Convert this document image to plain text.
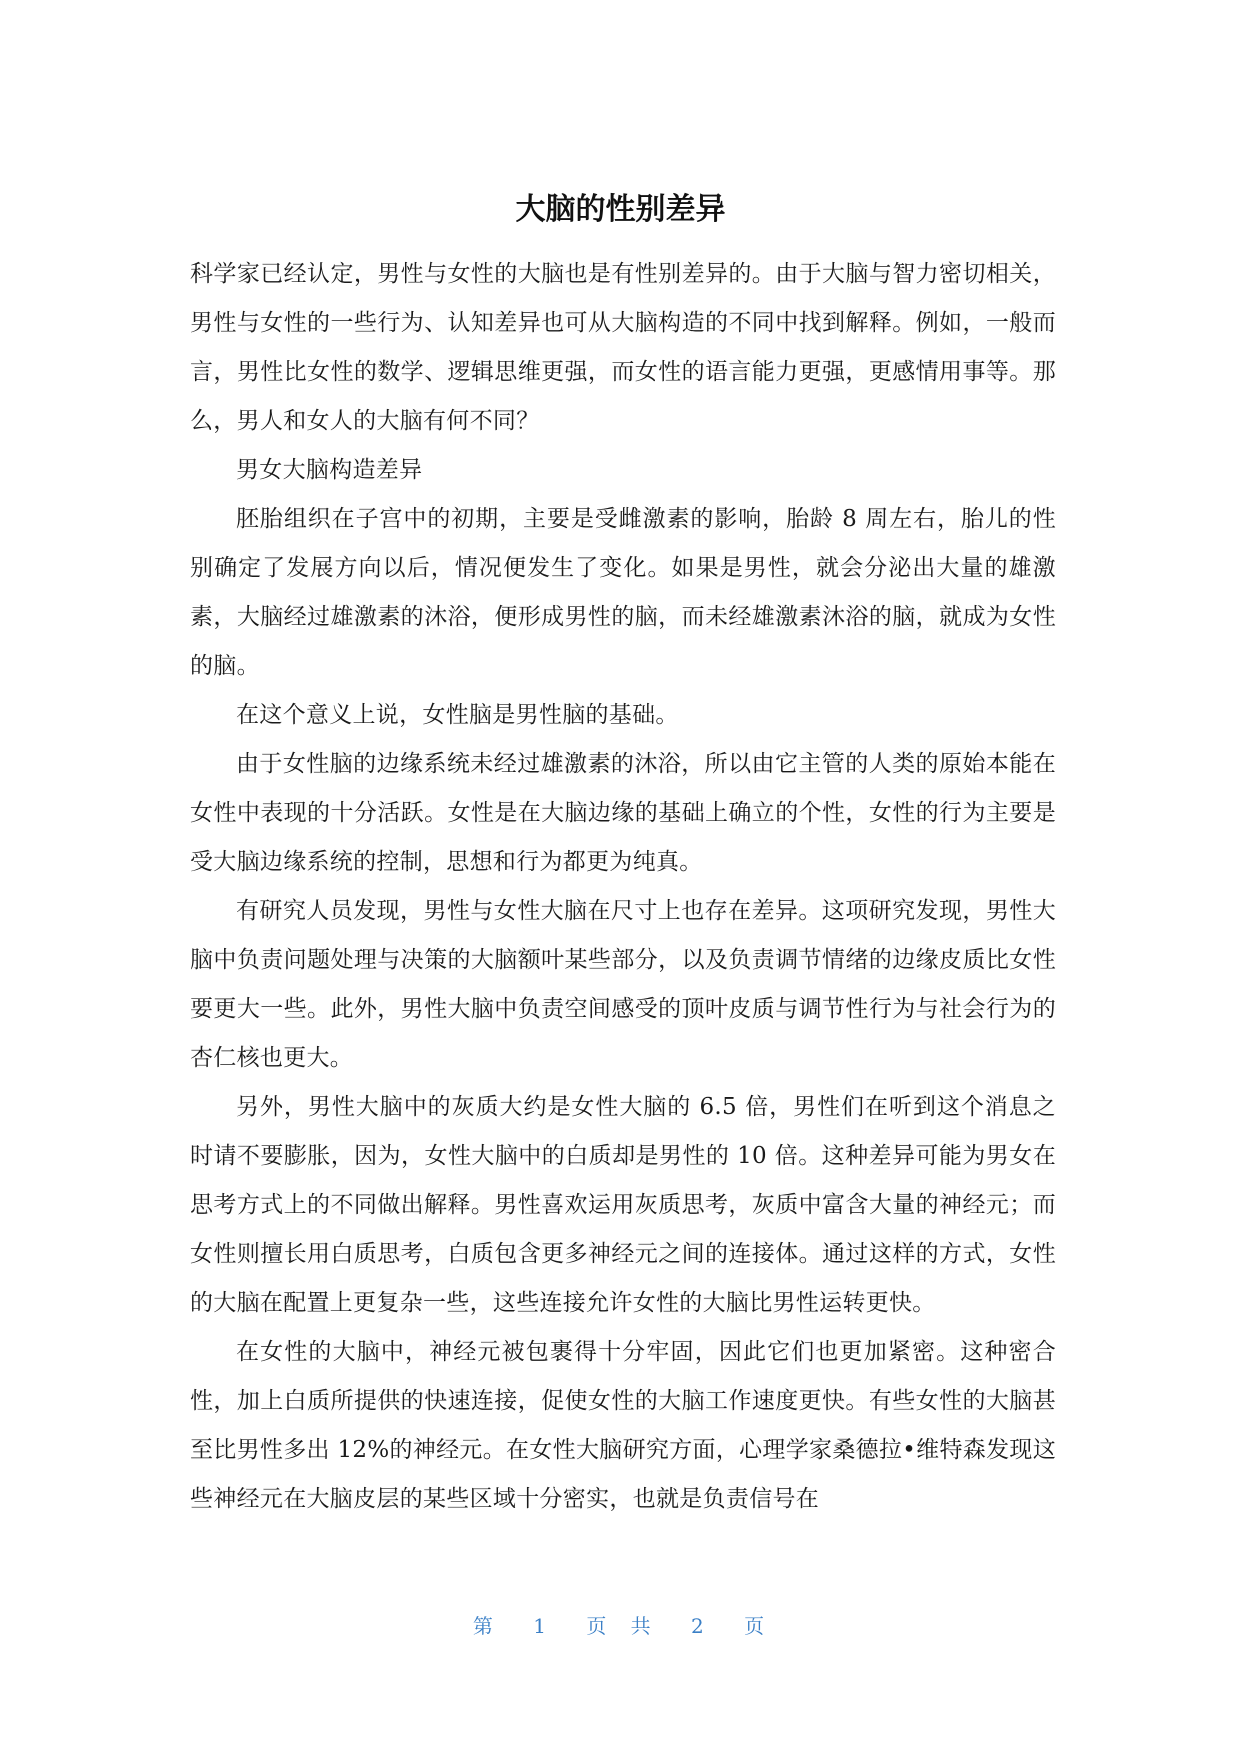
大脑的性别差异

科学家已经认定，男性与女性的大脑也是有性别差异的。由于大脑与智力密切相关，男性与女性的一些行为、认知差异也可从大脑构造的不同中找到解释。例如，一般而言，男性比女性的数学、逻辑思维更强，而女性的语言能力更强，更感情用事等。那么，男人和女人的大脑有何不同？

男女大脑构造差异

胚胎组织在子宫中的初期，主要是受雌激素的影响，胎龄 8 周左右，胎儿的性别确定了发展方向以后，情况便发生了变化。如果是男性，就会分泌出大量的雄激素，大脑经过雄激素的沐浴，便形成男性的脑，而未经雄激素沐浴的脑，就成为女性的脑。

在这个意义上说，女性脑是男性脑的基础。

由于女性脑的边缘系统未经过雄激素的沐浴，所以由它主管的人类的原始本能在女性中表现的十分活跃。女性是在大脑边缘的基础上确立的个性，女性的行为主要是受大脑边缘系统的控制，思想和行为都更为纯真。

有研究人员发现，男性与女性大脑在尺寸上也存在差异。这项研究发现，男性大脑中负责问题处理与决策的大脑额叶某些部分，以及负责调节情绪的边缘皮质比女性要更大一些。此外，男性大脑中负责空间感受的顶叶皮质与调节性行为与社会行为的杏仁核也更大。

另外，男性大脑中的灰质大约是女性大脑的 6.5 倍，男性们在听到这个消息之时请不要膨胀，因为，女性大脑中的白质却是男性的 10 倍。这种差异可能为男女在思考方式上的不同做出解释。男性喜欢运用灰质思考，灰质中富含大量的神经元；而女性则擅长用白质思考，白质包含更多神经元之间的连接体。通过这样的方式，女性的大脑在配置上更复杂一些，这些连接允许女性的大脑比男性运转更快。

在女性的大脑中，神经元被包裹得十分牢固，因此它们也更加紧密。这种密合性，加上白质所提供的快速连接，促使女性的大脑工作速度更快。有些女性的大脑甚至比男性多出 12%的神经元。在女性大脑研究方面，心理学家桑德拉•维特森发现这些神经元在大脑皮层的某些区域十分密实，也就是负责信号在

第 1 页 共 2 页
